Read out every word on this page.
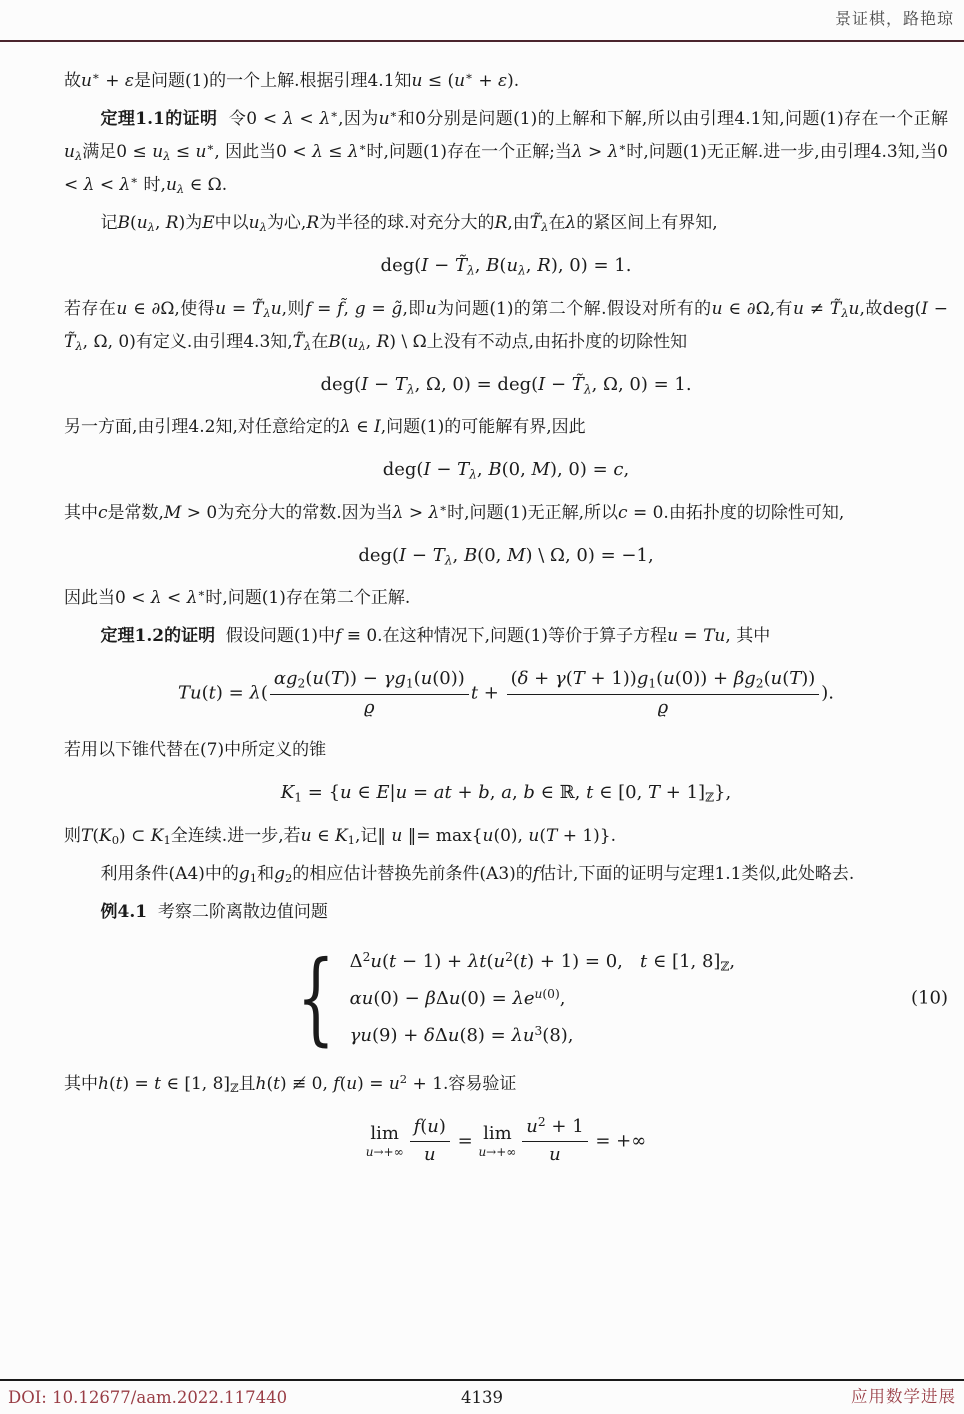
景证棋，路艳琼

故u∗ + ε是问题(1)的一个上解.根据引理4.1知u ≤ (u∗ + ε).

定理1.1的证明  令0 < λ < λ∗,因为u∗和0分别是问题(1)的上解和下解,所以由引理4.1知,问题(1)存在一个正解$u_\lambda$满足$0 \le u_\lambda \le u^∗$, 因此当0 < λ ≤ λ∗时,问题(1)存在一个正解;当λ > λ∗时,问题(1)无正解.进一步,由引理4.3知,当0 < λ < λ∗ 时$,u_\lambda$ ∈ Ω.

记$B(u_\lambda$, R)为E中以$u_\lambda$为心,R为半径的球.对充分大的R,由$T̃_\lambda$在λ的紧区间上有界知,

$deg(I - T̃_\lambda$, $B(u_\lambda$, R), 0) = 1.

若存在u ∈ ∂Ω,使得$u = T̃_\lambda u$,则f = f̃, g = g̃,即u为问题(1)的第二个解.假设对所有的u ∈ ∂Ω,有$u \ne T̃_\lambda u$,故$deg(I - T̃_\lambda$, Ω, 0)有定义.由引理4.3知$,T̃_\lambda$在$B(u_\lambda$, R) \ Ω上没有不动点,由拓扑度的切除性知

$deg(I - T_\lambda$, Ω, $0) = deg(I - T̃_\lambda$, Ω, 0) = 1.

另一方面,由引理4.2知,对任意给定的λ ∈ I,问题(1)的可能解有界,因此

$deg(I - T_\lambda$, B(0, M), 0) = c,

其中c是常数,M > 0为充分大的常数.因为当λ > λ∗时,问题(1)无正解,所以c = 0.由拓扑度的切除性可知,

$deg(I - T_\lambda$, B(0, M) \ Ω, 0) = −1,

因此当0 < λ < λ∗时,问题(1)存在第二个正解.

定理1.2的证明  假设问题(1)中f ≡ 0.在这种情况下,问题(1)等价于算子方程u = Tu, 其中

$Tu(t) = \lambda( \frac{\alpha g_2(u(T)) - \gamma g_1(u(0))}{ϱ}$ $t + \frac{(\delta + \gamma(T + 1))g_1(u(0)) + \beta g_2(u(T))}{ϱ}$ ).

若用以下锥代替在(7)中所定义的锥

$K_1 = \{u$ ∈ E|u = at + b, a, b ∈ ℝ, t ∈ [0, $T + 1]_ℤ$},

则$T(K_0)$ ⊂ $K_1$全连续.进一步,若u ∈ $K_1$,记‖ u ‖= max{u(0), u(T + 1)}.

利用条件(A4)中的$g_1$和$g_2$的相应估计替换先前条件(A3)的f估计,下面的证明与定理1.1类似,此处略去.

例4.1  考察二阶离散边值问题

{ $\Delta^2u(t - 1) + \lambda t(u^2(t) + 1) = 0$,   t ∈ [1, $8]_ℤ$,
$\alpha u(0) - \beta\Delta u(0) = \lambda e^{u(0)}$,
$\gamma u(9) + \delta\Delta u(8) = \lambda u^3(8)$,
(10)

其中h(t) = t ∈ [1, $8]_ℤ$且h(t) ≢ 0, $f(u) = u^2 + 1$.容易验证

lim
$u\to+\infty \frac{f(u)}{u} = \lim$
$u\to+\infty \frac{u^2 + 1}{u}$ = +∞
DOI: 10.12677/aam.2022.117440	4139	应用数学进展
